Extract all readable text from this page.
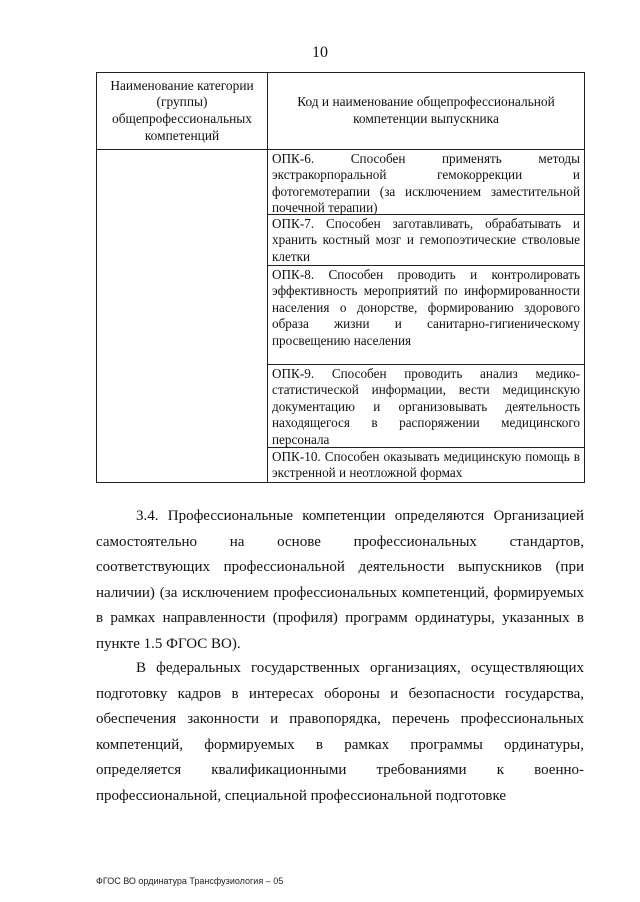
10
Наименование категории (группы) общепрофессиональных компетенций	Код и наименование общепрофессиональной компетенции выпускника

	ОПК-6. Способен применять методы экстракорпоральной гемокоррекции и фотогемотерапии (за исключением заместительной почечной терапии)

	ОПК-7. Способен заготавливать, обрабатывать и хранить костный мозг и гемопоэтические стволовые клетки

	ОПК-8. Способен проводить и контролировать эффективность мероприятий по информированности населения о донорстве, формированию здорового образа жизни и санитарно-гигиеническому просвещению населения

	ОПК-9. Способен проводить анализ медико-статистической информации, вести медицинскую документацию и организовывать деятельность находящегося в распоряжении медицинского персонала

	ОПК-10. Способен оказывать медицинскую помощь в экстренной и неотложной формах

3.4. Профессиональные компетенции определяются Организацией самостоятельно на основе профессиональных стандартов, соответствующих профессиональной деятельности выпускников (при наличии) (за исключением профессиональных компетенций, формируемых в рамках направленности (профиля) программ ординатуры, указанных в пункте 1.5 ФГОС ВО).

В федеральных государственных организациях, осуществляющих подготовку кадров в интересах обороны и безопасности государства, обеспечения законности и правопорядка, перечень профессиональных компетенций, формируемых в рамках программы ординатуры, определяется квалификационными требованиями к военно-профессиональной, специальной профессиональной подготовке

ФГОС ВО ординатура Трансфузиология – 05
